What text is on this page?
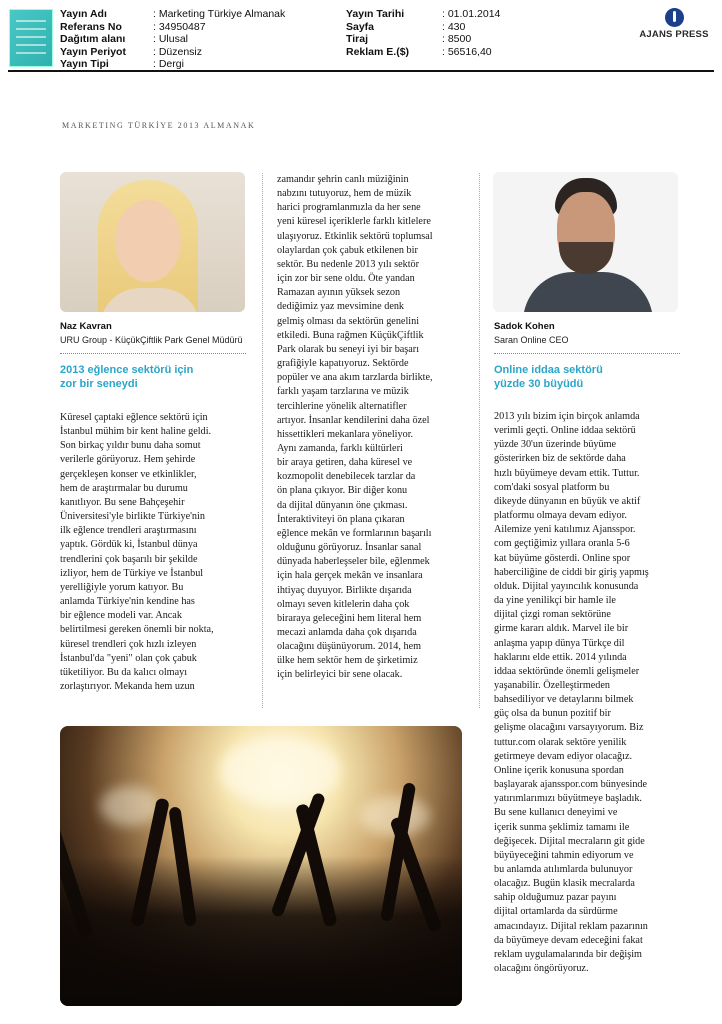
Yayın Adı	: Marketing Türkiye Almanak
Referans No	: 34950487
Dağıtım alanı	: Ulusal
Yayın Periyot	: Düzensiz
Yayın Tipi	: Dergi
Yayın Tarihi	: 01.01.2014
Sayfa	: 430
Tiraj	: 8500
Reklam E.($)	: 56516,40
AJANS PRESS
MARKETING TÜRKİYE 2013 ALMANAK
Naz Kavran
URU Group - KüçükÇiftlik Park Genel Müdürü
2013 eğlence sektörü için
zor bir seneydi
Küresel çaptaki eğlence sektörü için
İstanbul mühim bir kent haline geldi.
Son birkaç yıldır bunu daha somut
verilerle görüyoruz. Hem şehirde
gerçekleşen konser ve etkinlikler,
hem de araştırmalar bu durumu
kanıtlıyor. Bu sene Bahçeşehir
Üniversitesi'yle birlikte Türkiye'nin
ilk eğlence trendleri araştırmasını
yaptık. Gördük ki, İstanbul dünya
trendlerini çok başarılı bir şekilde
izliyor, hem de Türkiye ve İstanbul
yerelliğiyle yorum katıyor. Bu
anlamda Türkiye'nin kendine has
bir eğlence modeli var. Ancak
belirtilmesi gereken önemli bir nokta,
küresel trendleri çok hızlı izleyen
İstanbul'da "yeni" olan çok çabuk
tüketiliyor. Bu da kalıcı olmayı
zorlaştırıyor. Mekanda hem uzun
zamandır şehrin canlı müziğinin
nabzını tutuyoruz, hem de müzik
harici programlanmızla da her sene
yeni küresel içeriklerle farklı kitlelere
ulaşıyoruz. Etkinlik sektörü toplumsal
olaylardan çok çabuk etkilenen bir
sektör. Bu nedenle 2013 yılı sektör
için zor bir sene oldu. Öte yandan
Ramazan ayının yüksek sezon
dediğimiz yaz mevsimine denk
gelmiş olması da sektörün genelini
etkiledi. Buna rağmen KüçükÇiftlik
Park olarak bu seneyi iyi bir başarı
grafiğiyle kapatıyoruz. Sektörde
popüler ve ana akım tarzlarda birlikte,
farklı yaşam tarzlarına ve müzik
tercihlerine yönelik alternatifler
artıyor. İnsanlar kendilerini daha özel
hissettikleri mekanlara yöneliyor.
Aynı zamanda, farklı kültürleri
bir araya getiren, daha küresel ve
kozmopolit denebilecek tarzlar da
ön plana çıkıyor. Bir diğer konu
da dijital dünyanın öne çıkması.
İnteraktiviteyi ön plana çıkaran
eğlence mekân ve formlarının başarılı
olduğunu görüyoruz. İnsanlar sanal
dünyada haberleşseler bile, eğlenmek
için hala gerçek mekân ve insanlara
ihtiyaç duyuyor. Birlikte dışarıda
olmayı seven kitlelerin daha çok
biraraya geleceğini hem literal hem
mecazi anlamda daha çok dışarıda
olacağını düşünüyorum. 2014, hem
ülke hem sektör hem de şirketimiz
için belirleyici bir sene olacak.
Sadok Kohen
Saran Online CEO
Online iddaa sektörü
yüzde 30 büyüdü
2013 yılı bizim için birçok anlamda
verimli geçti. Online iddaa sektörü
yüzde 30'un üzerinde büyüme
gösterirken biz de sektörde daha
hızlı büyümeye devam ettik. Tuttur.
com'daki sosyal platform bu
dikeyde dünyanın en büyük ve aktif
platformu olmaya devam ediyor.
Ailemize yeni katılımız Ajansspor.
com geçtiğimiz yıllara oranla 5-6
kat büyüme gösterdi. Online spor
haberciliğine de ciddi bir giriş yapmış
olduk. Dijital yayıncılık konusunda
da yine yenilikçi bir hamle ile
dijital çizgi roman sektörüne
girme kararı aldık. Marvel ile bir
anlaşma yapıp dünya Türkçe dil
haklarını elde ettik. 2014 yılında
iddaa sektöründe önemli gelişmeler
yaşanabilir. Özelleştirmeden
bahsediliyor ve detaylarını bilmek
güç olsa da bunun pozitif bir
gelişme olacağını varsayıyorum. Biz
tuttur.com olarak sektöre yenilik
getirmeye devam ediyor olacağız.
Online içerik konusuna spordan
başlayarak ajansspor.com bünyesinde
yatırımlarımızı büyütmeye başladık.
Bu sene kullanıcı deneyimi ve
içerik sunma şeklimiz tamamı ile
değişecek. Dijital mecraların git gide
büyüyeceğini tahmin ediyorum ve
bu anlamda atılımlarda bulunuyor
olacağız. Bugün klasik mecralarda
sahip olduğumuz pazar payını
dijital ortamlarda da sürdürme
amacındayız. Dijital reklam pazarının
da büyümeye devam edeceğini fakat
reklam uygulamalarında bir değişim
olacağını öngörüyoruz.
